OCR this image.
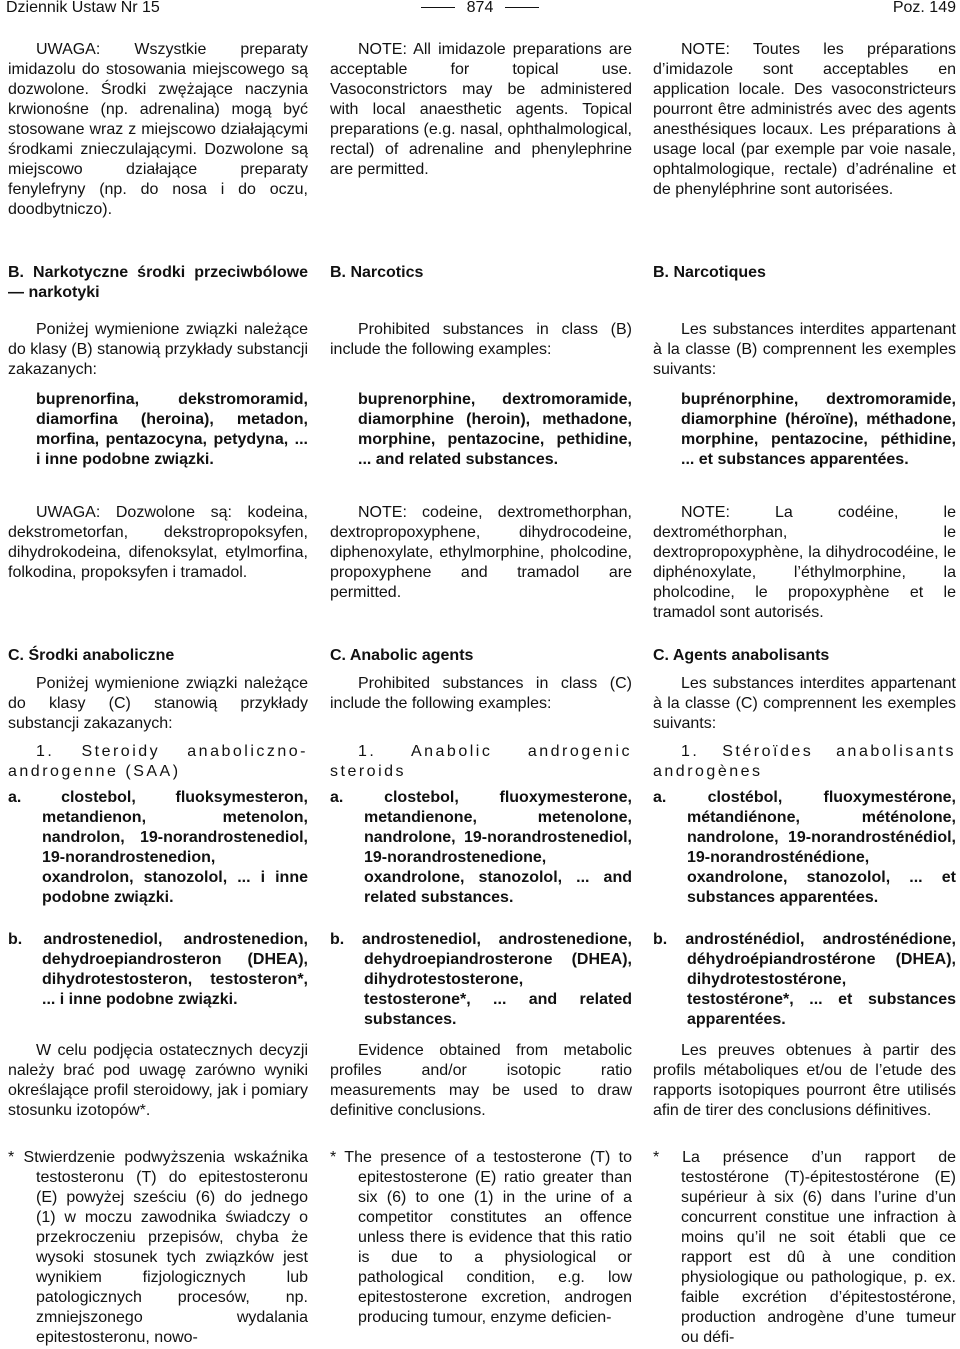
Dziennik Ustaw Nr 15	874	Poz. 149

UWAGA: Wszystkie preparaty imidazolu do stosowania miejscowego są dozwolone. Środki zwężające naczynia krwionośne (np. adrenalina) mogą być stosowane wraz z miejscowo działającymi środkami znieczulającymi. Dozwolone są miejscowo działające preparaty fenylefryny (np. do nosa i do oczu, doodbytniczo).

B. Narkotyczne środki przeciwbólowe — narkotyki

Poniżej wymienione związki należące do klasy (B) stanowią przykłady substancji zakazanych:

buprenorfina, dekstromoramid, diamorfina (heroina), metadon, morfina, pentazocyna, petydyna, ... i inne podobne związki.

UWAGA: Dozwolone są: kodeina, dekstrometorfan, dekstropropoksyfen, dihydrokodeina, difenoksylat, etylmorfina, folkodina, propoksyfen i tramadol.

C. Środki anaboliczne

Poniżej wymienione związki należące do klasy (C) stanowią przykłady substancji zakazanych:

1. Steroidy anaboliczno-androgenne (SAA)

a. clostebol, fluoksymesteron, metandienon, metenolon, nandrolon, 19-norandrostenediol, 19-norandrostenedion, oxandrolon, stanozolol, ... i inne podobne związki.

b. androstenediol, androstenedion, dehydroepiandrosteron (DHEA), dihydrotestosteron, testosteron*, ... i inne podobne związki.

W celu podjęcia ostatecznych decyzji należy brać pod uwagę zarówno wyniki określające profil steroidowy, jak i pomiary stosunku izotopów*.

* Stwierdzenie podwyższenia wskaźnika testosteronu (T) do epitestosteronu (E) powyżej sześciu (6) do jednego (1) w moczu zawodnika świadczy o przekroczeniu przepisów, chyba że wysoki stosunek tych związków jest wynikiem fizjologicznych lub patologicznych procesów, np. zmniejszonego wydalania epitestosteronu, nowo-

NOTE: All imidazole preparations are acceptable for topical use. Vasoconstrictors may be administered with local anaesthetic agents. Topical preparations (e.g. nasal, ophthalmological, rectal) of adrenaline and phenylephrine are permitted.

B. Narcotics

Prohibited substances in class (B) include the following examples:

buprenorphine, dextromoramide, diamorphine (heroin), methadone, morphine, pentazocine, pethidine, ... and related substances.

NOTE: codeine, dextromethorphan, dextropropoxyphene, dihydrocodeine, diphenoxylate, ethylmorphine, pholcodine, propoxyphene and tramadol are permitted.

C. Anabolic agents

Prohibited substances in class (C) include the following examples:

1. Anabolic androgenic steroids

a. clostebol, fluoxymesterone, metandienone, metenolone, nandrolone, 19-norandrostenediol, 19-norandrostenedione, oxandrolone, stanozolol, ... and related substances.

b. androstenediol, androstenedione, dehydroepiandrosterone (DHEA), dihydrotestosterone, testosterone*, ... and related substances.

Evidence obtained from metabolic profiles and/or isotopic ratio measurements may be used to draw definitive conclusions.

* The presence of a testosterone (T) to epitestosterone (E) ratio greater than six (6) to one (1) in the urine of a competitor constitutes an offence unless there is evidence that this ratio is due to a physiological or pathological condition, e.g. low epitestosterone excretion, androgen producing tumour, enzyme deficien-

NOTE: Toutes les préparations d’imidazole sont acceptables en application locale. Des vasoconstricteurs pourront être administrés avec des agents anesthésiques locaux. Les préparations à usage local (par exemple par voie nasale, ophtalmologique, rectale) d’adrénaline et de phenyléphrine sont autorisées.

B. Narcotiques

Les substances interdites appartenant à la classe (B) comprennent les exemples suivants:

buprénorphine, dextromoramide, diamorphine (héroïne), méthadone, morphine, pentazocine, péthidine, ... et substances apparentées.

NOTE: La codéine, le dextrométhorphan, le dextropropoxyphène, la dihydrocodéine, le diphénoxylate, l’éthylmorphine, la pholcodine, le propoxyphène et le tramadol sont autorisés.

C. Agents anabolisants

Les substances interdites appartenant à la classe (C) comprennent les exemples suivants:

1. Stéroïdes anabolisants androgènes

a. clostébol, fluoxymestérone, métandiénone, méténolone, nandrolone, 19-norandrosténédiol, 19-norandrosténédione, oxandrolone, stanozolol, ... et substances apparentées.

b. androsténédiol, androsténédione, déhydroépiandrostérone (DHEA), dihydrotestostérone, testostérone*, ... et substances apparentées.

Les preuves obtenues à partir des profils métaboliques et/ou de l’etude des rapports isotopiques pourront être utilisés afin de tirer des conclusions définitives.

* La présence d’un rapport de testostérone (T)-épitestostérone (E) supérieur à six (6) dans l’urine d’un concurrent constitue une infraction à moins qu’il ne soit établi que ce rapport est dû à une condition physiologique ou pathologique, p. ex. faible excrétion d’épitestostérone, production androgène d’une tumeur ou défi-
